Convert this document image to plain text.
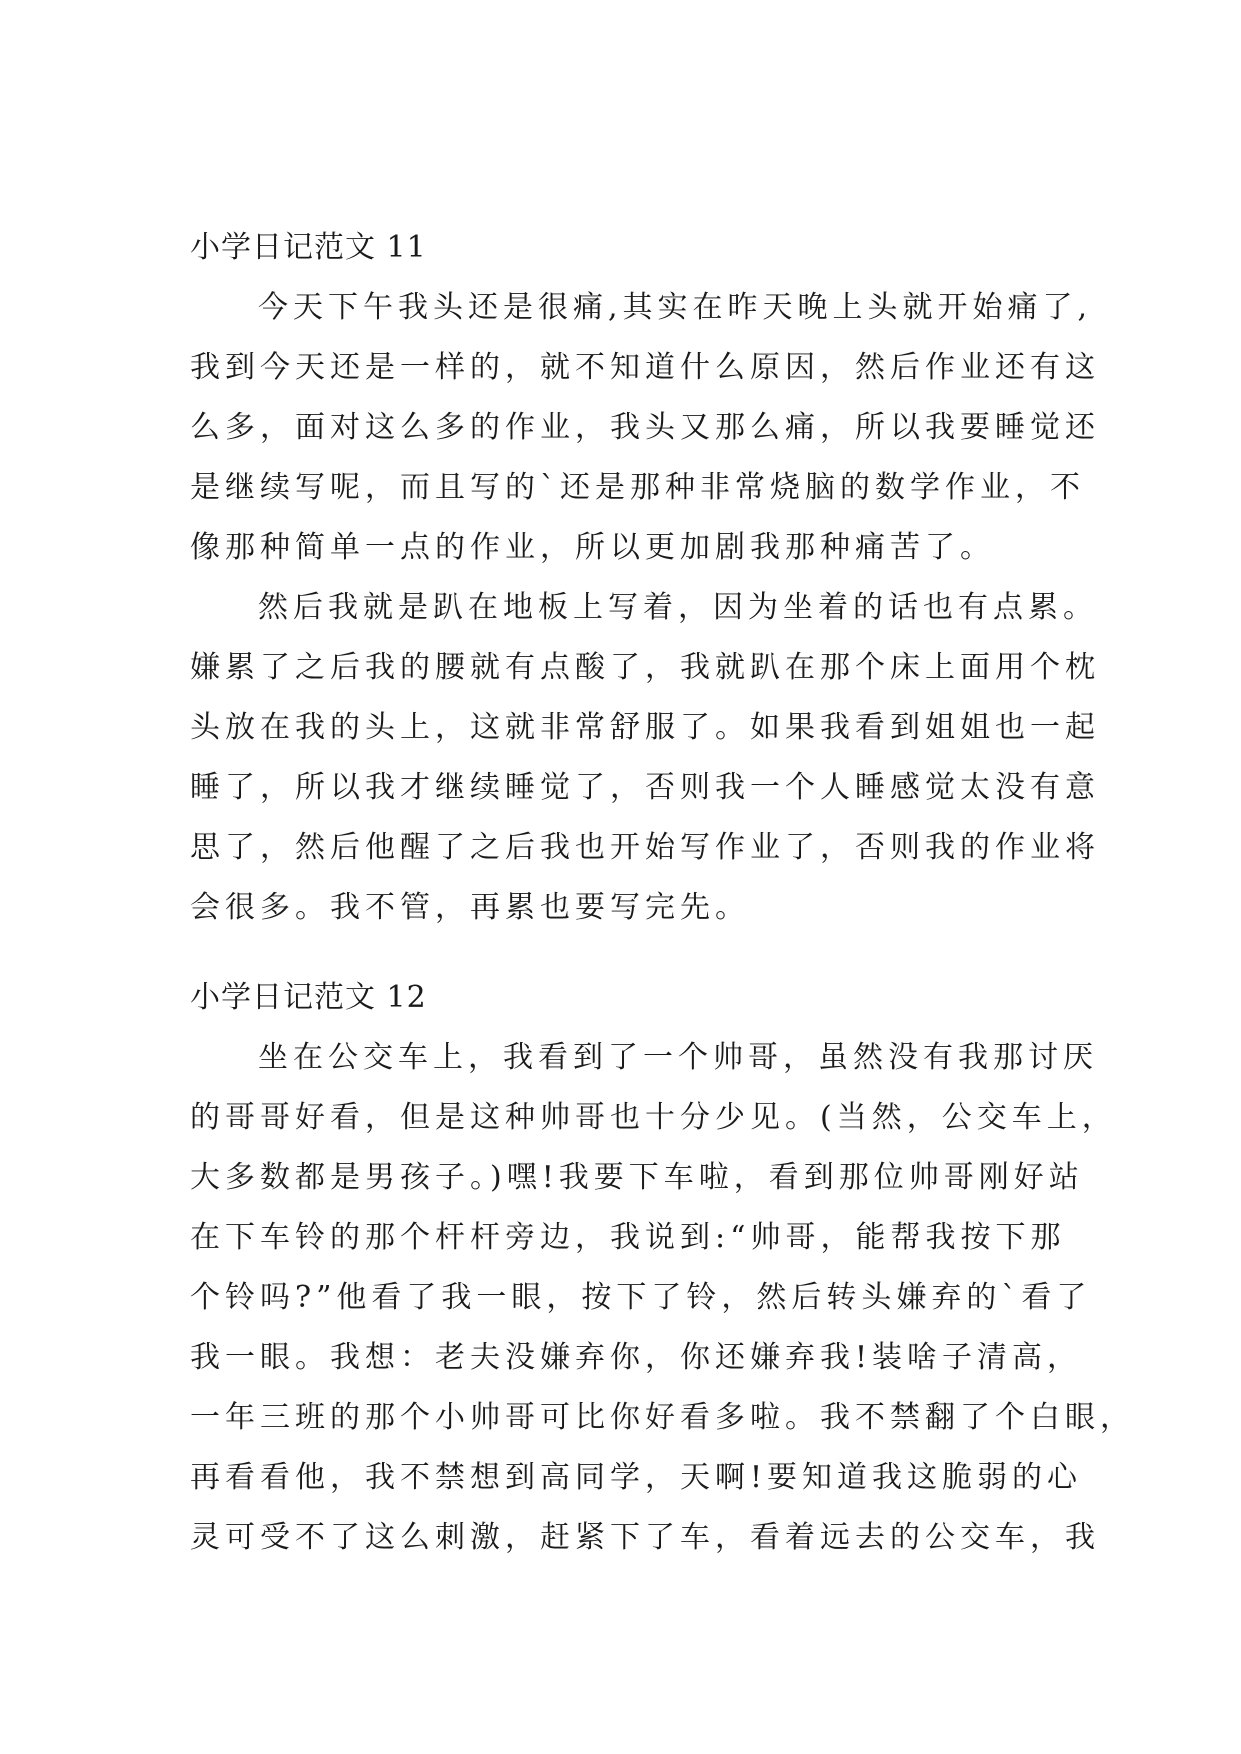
小学日记范文 11
今天下午我头还是很痛,其实在昨天晚上头就开始痛了,
我到今天还是一样的，就不知道什么原因，然后作业还有这
么多，面对这么多的作业，我头又那么痛，所以我要睡觉还
是继续写呢，而且写的`还是那种非常烧脑的数学作业，不
像那种简单一点的作业，所以更加剧我那种痛苦了。
然后我就是趴在地板上写着，因为坐着的话也有点累。
嫌累了之后我的腰就有点酸了，我就趴在那个床上面用个枕
头放在我的头上，这就非常舒服了。如果我看到姐姐也一起
睡了，所以我才继续睡觉了，否则我一个人睡感觉太没有意
思了，然后他醒了之后我也开始写作业了，否则我的作业将
会很多。我不管，再累也要写完先。
小学日记范文 12
坐在公交车上，我看到了一个帅哥，虽然没有我那讨厌
的哥哥好看，但是这种帅哥也十分少见。(当然，公交车上，
大多数都是男孩子。)嘿!我要下车啦，看到那位帅哥刚好站
在下车铃的那个杆杆旁边，我说到:“帅哥，能帮我按下那
个铃吗?”他看了我一眼，按下了铃，然后转头嫌弃的`看了
我一眼。我想：老夫没嫌弃你，你还嫌弃我!装啥子清高，
一年三班的那个小帅哥可比你好看多啦。我不禁翻了个白眼，
再看看他，我不禁想到高同学，天啊!要知道我这脆弱的心
灵可受不了这么刺激，赶紧下了车，看着远去的公交车，我
